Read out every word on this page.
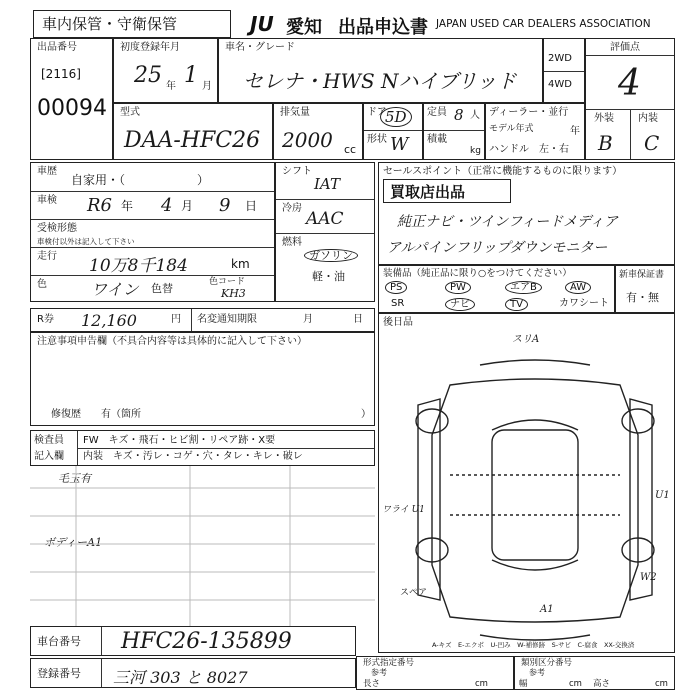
車内保管・守衛保管	JU 愛知 出品申込書 JAPAN USED CAR DEALERS ASSOCIATION
出品番号
[2116]
00094
初度登録年月
25 年 1 月
車名・グレード
セレナ・HWS Nハイブリッド
2WD
4WD
評価点
4
外装 内装
B C
型式
DAA-HFC26
排気量
2000 cc
ドア
5D
形状 W
定員 8 人
積載
kg
ディーラー・並行
モデル年式	年
ハンドル　左・右
車歴
自家用・（　　　　　　）
車検 R6 年 4 月 9 日
受検形態
車検付以外は記入して下さい
走行 10万8千184	km
色	ワイン 色替	色コード
KH3
シフト
IAT
冷房
AAC
燃料
ガソリン
軽・油
R券 12,160	円 名変通知期限	月	日
注意事項申告欄（不具合内容等は具体的に記入して下さい）
修復歴　　有（箇所	）
検査員
記入欄
FW　キズ・飛石・ヒビ割・リペア跡・X要
内装　キズ・汚レ・コゲ・穴・タレ・キレ・破レ
毛玉有
ボディーA1
セールスポイント（正常に機能するものに限ります）
買取店出品
純正ナビ・ツインフィードメディア
アルパインフリップダウンモニター
装備品（純正品に限り○をつけてください）
PS	PW	エアB	AW
SR	ナビ	TV	カワシート
新車保証書
有・無
後日品
スリA
U1
ワライ U1
W2
A1
スペア
A-キズ　E-エクボ　U-凹み　W-補修跡　S-サビ　C-腐食　XX-交換済
車台番号 HFC26-135899
登録番号 三河 303 と 8027
形式指定番号
参考
長さ	cm
類別区分番号
参考
幅	cm 高さ	cm
